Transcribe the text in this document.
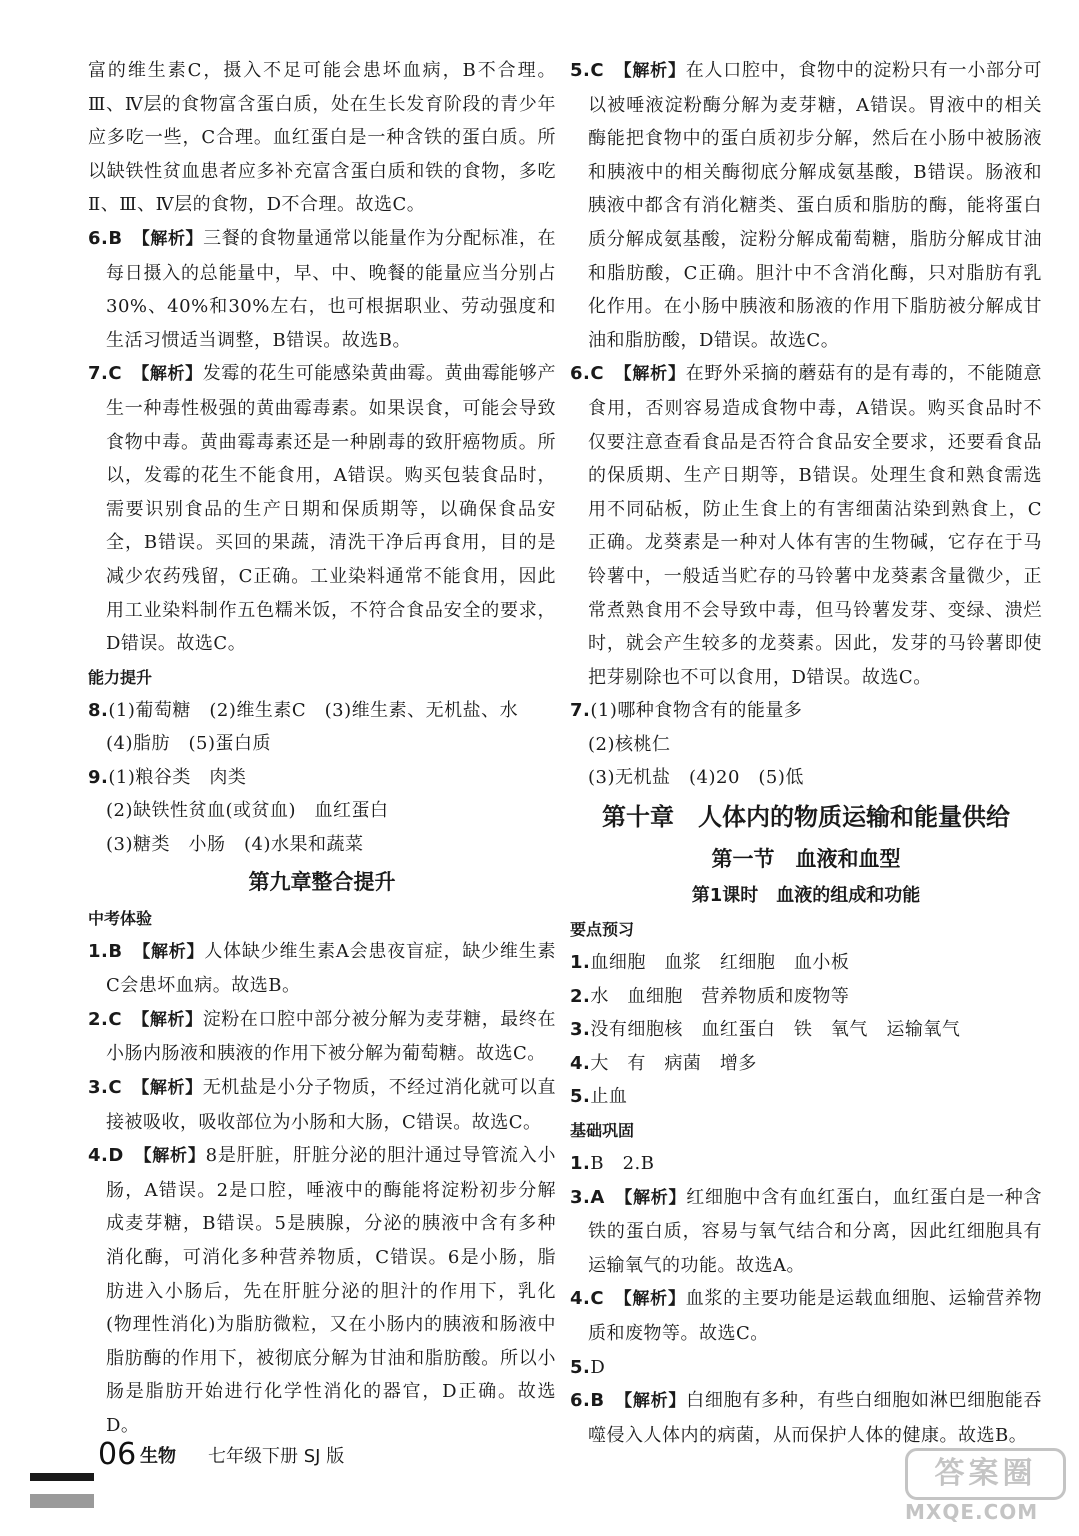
富的维生素C，摄入不足可能会患坏血病，B不合理。Ⅲ、Ⅳ层的食物富含蛋白质，处在生长发育阶段的青少年应多吃一些，C合理。血红蛋白是一种含铁的蛋白质。所以缺铁性贫血患者应多补充富含蛋白质和铁的食物，多吃Ⅱ、Ⅲ、Ⅳ层的食物，D不合理。故选C。

6.B　 【解析】三餐的食物量通常以能量作为分配标准，在每日摄入的总能量中，早、中、晚餐的能量应当分别占30%、40%和30%左右，也可根据职业、劳动强度和生活习惯适当调整，B错误。故选B。

7.C　 【解析】发霉的花生可能感染黄曲霉。黄曲霉能够产生一种毒性极强的黄曲霉毒素。如果误食，可能会导致食物中毒。黄曲霉毒素还是一种剧毒的致肝癌物质。所以，发霉的花生不能食用，A错误。购买包装食品时，需要识别食品的生产日期和保质期等，以确保食品安全，B错误。买回的果蔬，清洗干净后再食用，目的是减少农药残留，C正确。工业染料通常不能食用，因此用工业染料制作五色糯米饭，不符合食品安全的要求，D错误。故选C。

能力提升

8.(1)葡萄糖　(2)维生素C　(3)维生素、无机盐、水

(4)脂肪　(5)蛋白质

9.(1)粮谷类　肉类

(2)缺铁性贫血(或贫血)　血红蛋白

(3)糖类　小肠　(4)水果和蔬菜

第九章整合提升

中考体验

1.B　 【解析】人体缺少维生素A会患夜盲症，缺少维生素C会患坏血病。故选B。

2.C　 【解析】淀粉在口腔中部分被分解为麦芽糖，最终在小肠内肠液和胰液的作用下被分解为葡萄糖。故选C。

3.C　 【解析】无机盐是小分子物质，不经过消化就可以直接被吸收，吸收部位为小肠和大肠，C错误。故选C。

4.D　 【解析】8是肝脏，肝脏分泌的胆汁通过导管流入小肠，A错误。2是口腔，唾液中的酶能将淀粉初步分解成麦芽糖，B错误。5是胰腺，分泌的胰液中含有多种消化酶，可消化多种营养物质，C错误。6是小肠，脂肪进入小肠后，先在肝脏分泌的胆汁的作用下，乳化(物理性消化)为脂肪微粒，又在小肠内的胰液和肠液中脂肪酶的作用下，被彻底分解为甘油和脂肪酸。所以小肠是脂肪开始进行化学性消化的器官，D正确。故选D。

5.C　 【解析】在人口腔中，食物中的淀粉只有一小部分可以被唾液淀粉酶分解为麦芽糖，A错误。胃液中的相关酶能把食物中的蛋白质初步分解，然后在小肠中被肠液和胰液中的相关酶彻底分解成氨基酸，B错误。肠液和胰液中都含有消化糖类、蛋白质和脂肪的酶，能将蛋白质分解成氨基酸，淀粉分解成葡萄糖，脂肪分解成甘油和脂肪酸，C正确。胆汁中不含消化酶，只对脂肪有乳化作用。在小肠中胰液和肠液的作用下脂肪被分解成甘油和脂肪酸，D错误。故选C。

6.C　 【解析】在野外采摘的蘑菇有的是有毒的，不能随意食用，否则容易造成食物中毒，A错误。购买食品时不仅要注意查看食品是否符合食品安全要求，还要看食品的保质期、生产日期等，B错误。处理生食和熟食需选用不同砧板，防止生食上的有害细菌沾染到熟食上，C正确。龙葵素是一种对人体有害的生物碱，它存在于马铃薯中，一般适当贮存的马铃薯中龙葵素含量微少，正常煮熟食用不会导致中毒，但马铃薯发芽、变绿、溃烂时，就会产生较多的龙葵素。因此，发芽的马铃薯即使把芽剔除也不可以食用，D错误。故选C。

7.(1)哪种食物含有的能量多

(2)核桃仁

(3)无机盐　(4)20　(5)低

第十章　人体内的物质运输和能量供给

第一节　血液和血型

第1课时　血液的组成和功能

要点预习

1.血细胞　血浆　红细胞　血小板

2.水　血细胞　营养物质和废物等

3.没有细胞核　血红蛋白　铁　氧气　运输氧气

4.大　有　病菌　增多

5.止血

基础巩固

1.B　2.B

3.A　 【解析】红细胞中含有血红蛋白，血红蛋白是一种含铁的蛋白质，容易与氧气结合和分离，因此红细胞具有运输氧气的功能。故选A。

4.C　 【解析】血浆的主要功能是运载血细胞、运输营养物质和废物等。故选C。

5.D

6.B　 【解析】白细胞有多种，有些白细胞如淋巴细胞能吞噬侵入人体内的病菌，从而保护人体的健康。故选B。

06 生物 七年级下册 SJ 版	答案圈
MXQE.COM
